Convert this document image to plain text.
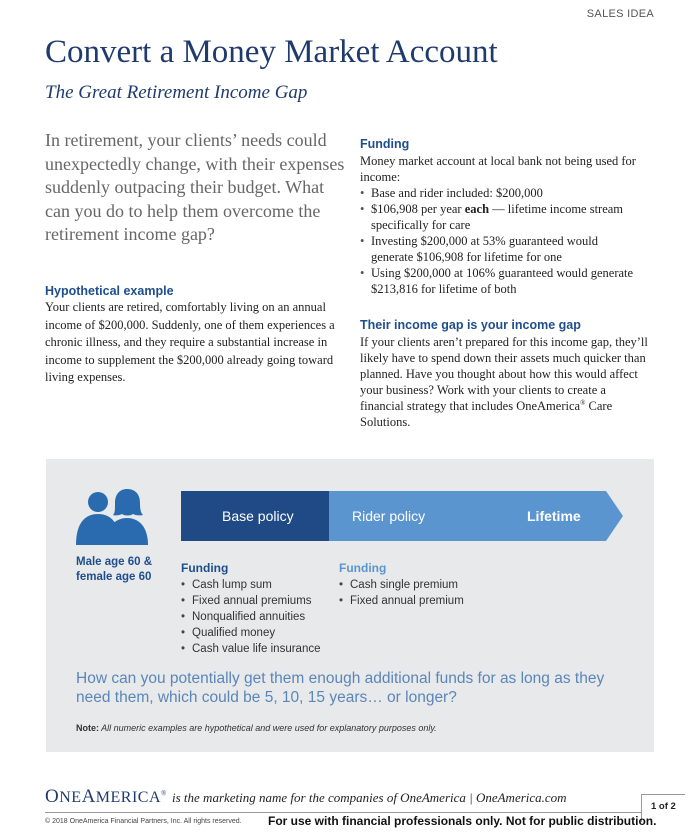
SALES IDEA
Convert a Money Market Account
The Great Retirement Income Gap

In retirement, your clients’ needs could unexpectedly change, with their expenses suddenly outpacing their budget. What can you do to help them overcome the retirement income gap?

Hypothetical example

Your clients are retired, comfortably living on an annual income of $200,000. Suddenly, one of them experiences a chronic illness, and they require a substantial increase in income to supplement the $200,000 already going toward living expenses.

Funding

Money market account at local bank not being used for income:

• Base and rider included: $200,000
• $106,908 per year each — lifetime income stream specifically for care
• Investing $200,000 at 53% guaranteed would generate $106,908 for lifetime for one
• Using $200,000 at 106% guaranteed would generate $213,816 for lifetime of both
Their income gap is your income gap

If your clients aren’t prepared for this income gap, they’ll likely have to spend down their assets much quicker than planned. Have you thought about how this would affect your business? Work with your clients to create a financial strategy that includes OneAmerica® Care Solutions.

Male age 60 & female age 60
Base policy	Rider policy	Lifetime
Funding
• Cash lump sum
• Fixed annual premiums
• Nonqualified annuities
• Qualified money
• Cash value life insurance
Funding
• Cash single premium
• Fixed annual premium

How can you potentially get them enough additional funds for as long as they need them, which could be 5, 10, 15 years… or longer?

Note: All numeric examples are hypothetical and were used for explanatory purposes only.
ONEAMERICA® is the marketing name for the companies of OneAmerica | OneAmerica.com
1 of 2
© 2018 OneAmerica Financial Partners, Inc. All rights reserved. For use with financial professionals only. Not for public distribution.
